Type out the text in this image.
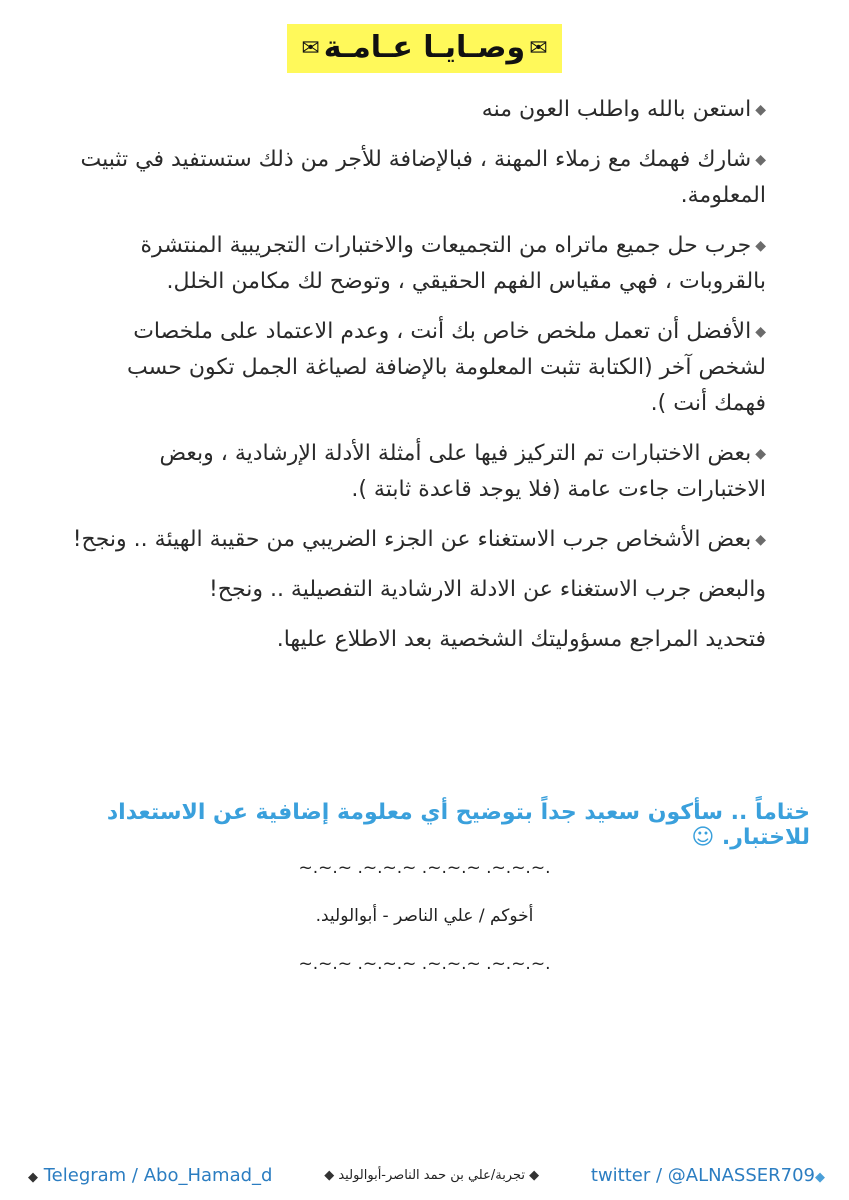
✉وصـايـا عـامـة✉
◆استعن بالله واطلب العون منه
◆شارك فهمك مع زملاء المهنة ، فبالإضافة للأجر من ذلك ستستفيد في تثبيت المعلومة.
◆جرب حل جميع ماتراه من التجميعات والاختبارات التجريبية المنتشرة بالقروبات ، فهي مقياس الفهم الحقيقي ، وتوضح لك مكامن الخلل.
◆الأفضل أن تعمل ملخص خاص بك أنت ، وعدم الاعتماد على ملخصات لشخص آخر (الكتابة تثبت المعلومة بالإضافة لصياغة الجمل تكون حسب فهمك أنت ).
◆بعض الاختبارات تم التركيز فيها على أمثلة الأدلة الإرشادية ، وبعض الاختبارات جاءت عامة (فلا يوجد قاعدة ثابتة ).
◆بعض الأشخاص جرب الاستغناء عن الجزء الضريبي من حقيبة الهيئة .. ونجح!
والبعض جرب الاستغناء عن الادلة الارشادية التفصيلية .. ونجح!
فتحديد المراجع مسؤوليتك الشخصية بعد الاطلاع عليها.
ختاماً .. سأكون سعيد جداً بتوضيح أي معلومة إضافية عن الاستعداد للاختبار. ☺
.~.~.~. ~.~.~. ~.~.~. ~.~.~
أخوكم / علي الناصر - أبوالوليد.
.~.~.~. ~.~.~. ~.~.~. ~.~.~
◆ Telegram / Abo_Hamad_d	◆ تجربة/علي بن حمد الناصر-أبوالوليد ◆	twitter / @ALNASSER709◆
